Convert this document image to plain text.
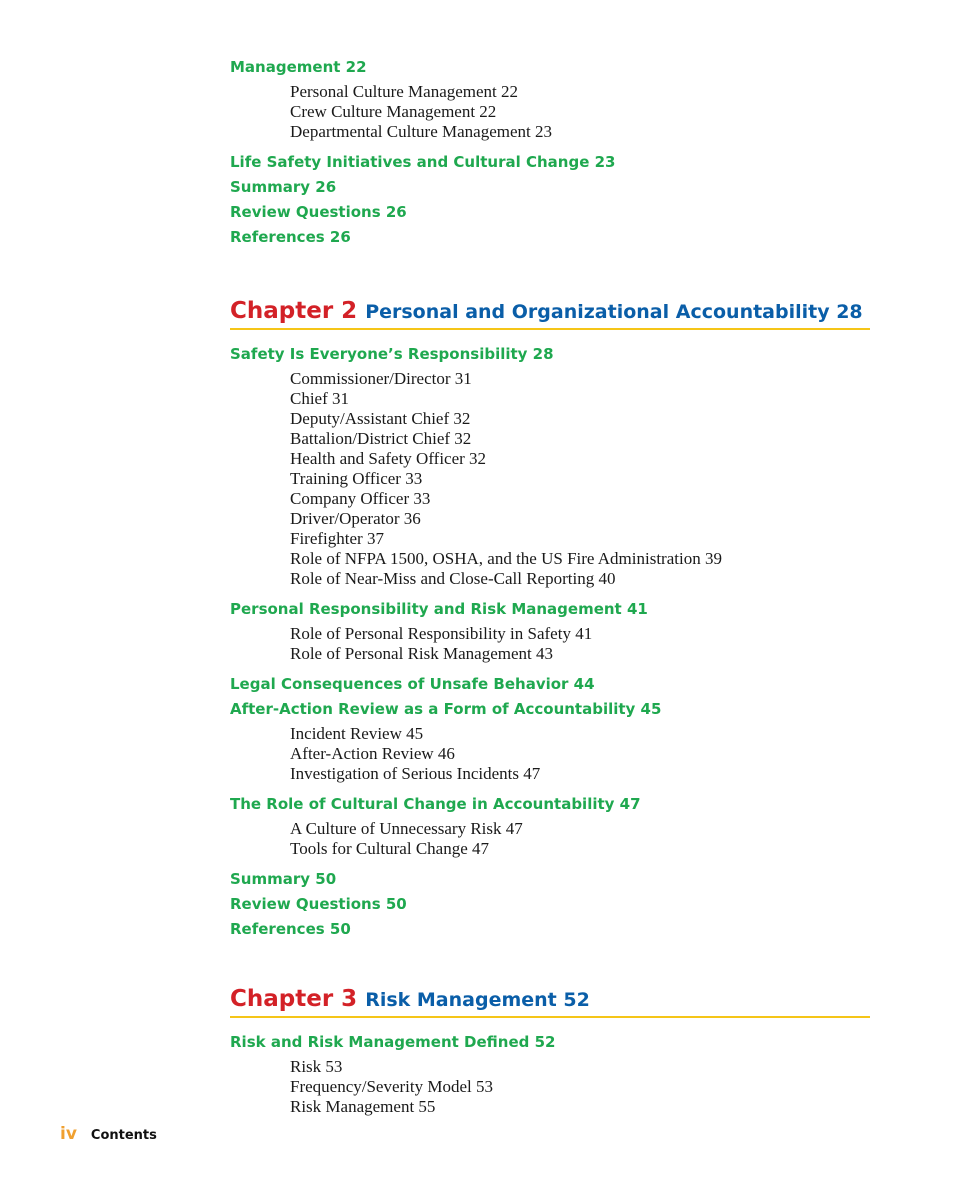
Management 22
Personal Culture Management 22
Crew Culture Management 22
Departmental Culture Management 23
Life Safety Initiatives and Cultural Change 23
Summary 26
Review Questions 26
References 26
Chapter 2 Personal and Organizational Accountability 28
Safety Is Everyone’s Responsibility 28
Commissioner/Director 31
Chief 31
Deputy/Assistant Chief 32
Battalion/District Chief 32
Health and Safety Officer 32
Training Officer 33
Company Officer 33
Driver/Operator 36
Firefighter 37
Role of NFPA 1500, OSHA, and the US Fire Administration 39
Role of Near-Miss and Close-Call Reporting 40
Personal Responsibility and Risk Management 41
Role of Personal Responsibility in Safety 41
Role of Personal Risk Management 43
Legal Consequences of Unsafe Behavior 44
After-Action Review as a Form of Accountability 45
Incident Review 45
After-Action Review 46
Investigation of Serious Incidents 47
The Role of Cultural Change in Accountability 47
A Culture of Unnecessary Risk 47
Tools for Cultural Change 47
Summary 50
Review Questions 50
References 50
Chapter 3 Risk Management 52
Risk and Risk Management Defined 52
Risk 53
Frequency/Severity Model 53
Risk Management 55
iv Contents
